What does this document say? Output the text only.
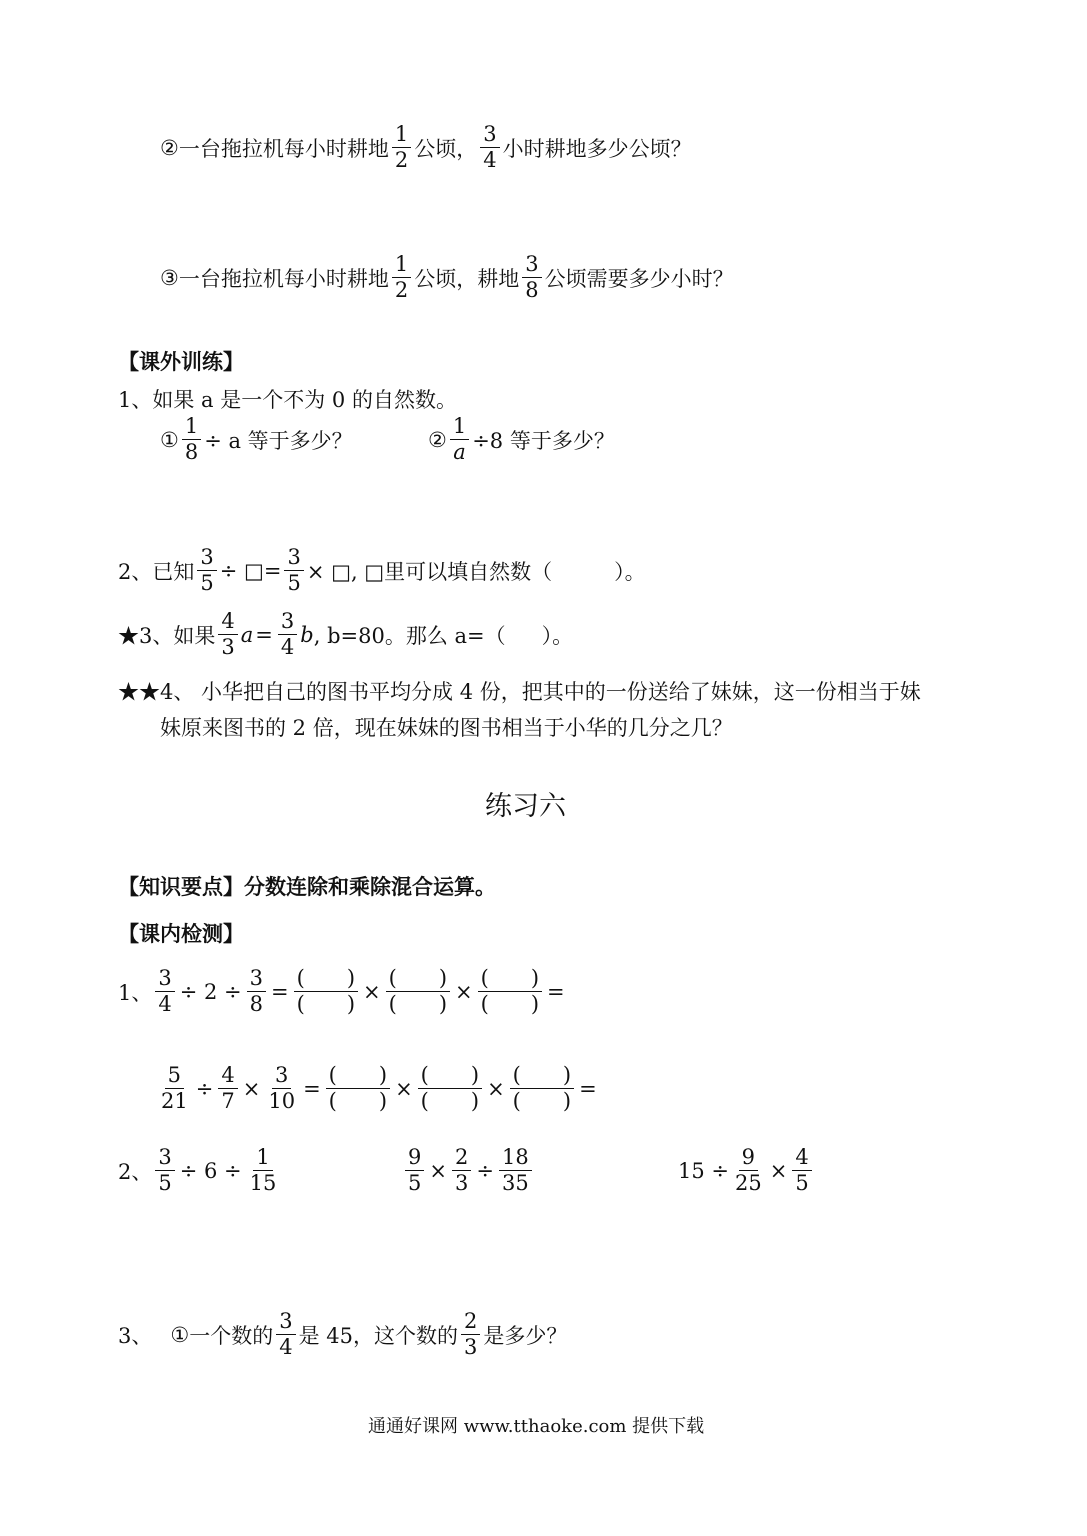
② 一台拖拉机每小时耕地 $\frac{1}{2}$ 公顷， $\frac{3}{4}$ 小时耕地多少公顷？
③ 一台拖拉机每小时耕地 $\frac{1}{2}$ 公顷，耕地 $\frac{3}{8}$ 公顷需要多少小时？
【课外训练】
1、如果 a 是一个不为 0 的自然数。
① $\frac{1}{8} \div a$ 等于多少？	② $\frac{1}{a} \div 8$ 等于多少？
2、已知 $\frac{3}{5}$ ÷ □= $\frac{3}{5}$ × □, □里可以填自然数（	）。
★3、如果 $\frac{4}{3}$ $a = \frac{3}{4}$ b , b=80。那么 a=（ ）。
★★4、 小华把自己的图书平均分成 4 份，把其中的一份送给了妹妹，这一份相当于妹
妹原来图书的 2 倍，现在妹妹的图书相当于小华的几分之几？
练习六
【知识要点】 分数连除和乘除混合运算。
【课内检测】
1、 $\frac{3}{4} \div 2 \div \frac{3}{8} = \frac{( )}{( )} \times \frac{( )}{( )} \times \frac{( )}{( )}$ =
$\frac{5}{21} \div \frac{4}{7} \times \frac{3}{10} = \frac{( )}{( )} \times \frac{( )}{( )} \times \frac{( )}{( )}$ =
2、 $\frac{3}{5} \div 6 \div \frac{1}{15}$	$\frac{9}{5} \times \frac{2}{3} \div \frac{18}{35}$	$15 \div \frac{9}{25} \times \frac{4}{5}$
3、 ① 一个数的 $\frac{3}{4}$ 是 45，这个数的 $\frac{2}{3}$ 是多少？
通通好课网 www.tthaoke.com 提供下载
